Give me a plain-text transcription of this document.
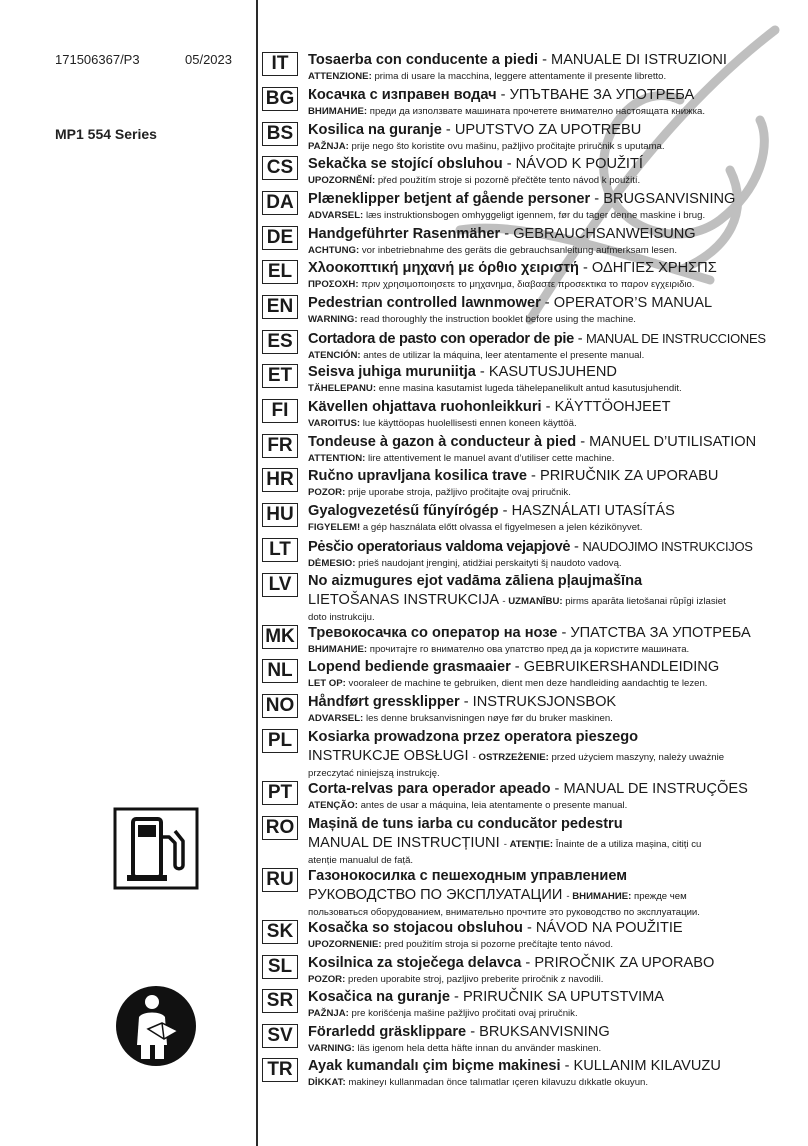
171506367/P3	05/2023
MP1 554 Series
IT	Tosaerba con conducente a piedi - MANUALE DI ISTRUZIONI
ATTENZIONE: prima di usare la macchina, leggere attentamente il presente libretto.
BG Косачка с изправен водач - УПЪТВАНЕ ЗА УПОТРЕБА
ВНИМАНИЕ: преди да използвате машината прочетете внимателно настоящата книжка.
BS	Kosilica na guranje - UPUTSTVO ZA UPOTREBU
PAŽNJA: prije nego što koristite ovu mašinu, pažljivo pročitajte priručnik s uputama.
CS	Sekačka se stojící obsluhou - NÁVOD K POUŽITÍ
UPOZORNĚNÍ: před použitím stroje si pozorně přečtěte tento návod k použití.
DA Plæneklipper betjent af gående personer - BRUGSANVISNING
ADVARSEL: læs instruktionsbogen omhyggeligt igennem, før du tager denne maskine i brug.
DE	Handgeführter Rasenmäher - GEBRAUCHSANWEISUNG
ACHTUNG: vor inbetriebnahme des geräts die gebrauchsanleitung aufmerksam lesen.
EL	Χλοοκοπτική μηχανή με όρθιο χειριστή - ΟΔΗΓΙΕΣ ΧΡΗΣΠΣ
ΠΡΟΣΟΧΗ: πριν χρησιμοποιησετε το μηχανημα, διαβαστε προσεκτικα το παρον εγχειριδιο.
EN	Pedestrian controlled lawnmower - OPERATOR’S MANUAL
WARNING: read thoroughly the instruction booklet before using the machine.
ES	Cortadora de pasto con operador de pie - MANUAL DE INSTRUCCIONES
ATENCIÓN: antes de utilizar la máquina, leer atentamente el presente manual.
ET	Seisva juhiga muruniitja - KASUTUSJUHEND
TÄHELEPANU: enne masina kasutamist lugeda tähelepanelikult antud kasutusjuhendit.
FI	Kävellen ohjattava ruohonleikkuri - KÄYTTÖOHJEET
VAROITUS: lue käyttöopas huolellisesti ennen koneen käyttöä.
FR	Tondeuse à gazon à conducteur à pied - MANUEL D’UTILISATION
ATTENTION: lire attentivement le manuel avant d’utiliser cette machine.
HR Ručno upravljana kosilica trave - PRIRUČNIK ZA UPORABU
POZOR: prije uporabe stroja, pažljivo pročitajte ovaj priručnik.
HU Gyalogvezetésű fűnyírógép - HASZNÁLATI UTASÍTÁS
FIGYELEM! a gép használata előtt olvassa el figyelmesen a jelen kézikönyvet.
LT	Pėsčio operatoriaus valdoma vejapjovė - NAUDOJIMO INSTRUKCIJOS
DĖMESIO: prieš naudojant įrenginį, atidžiai perskaityti šį naudoto vadovą.
LV	No aizmugures ejot vadāma zāliena pļaujmašīna
LIETOŠANAS INSTRUKCIJA - UZMANĪBU: pirms aparāta lietošanai rūpīgi izlasiet
doto instrukciju.
MK Тревокосачка со оператор на нозе - УПАТСТВА ЗА УПОТРЕБА
ВНИМАНИЕ: прочитајте го внимателно ова упатство пред да ја користите машината.
NL	Lopend bediende grasmaaier - GEBRUIKERSHANDLEIDING
LET OP: vooraleer de machine te gebruiken, dient men deze handleiding aandachtig te lezen.
NO Håndført gressklipper - INSTRUKSJONSBOK
ADVARSEL: les denne bruksanvisningen nøye før du bruker maskinen.
PL	Kosiarka prowadzona przez operatora pieszego
INSTRUKCJE OBSŁUGI - OSTRZEŻENIE: przed użyciem maszyny, należy uważnie
przeczytać niniejszą instrukcję.
PT	Corta-relvas para operador apeado - MANUAL DE INSTRUÇÕES
ATENÇÃO: antes de usar a máquina, leia atentamente o presente manual.
RO Mașină de tuns iarba cu conducător pedestru
MANUAL DE INSTRUCȚIUNI - ATENȚIE: Înainte de a utiliza mașina, citiți cu
atenție manualul de față.
RU Газонокосилка с пешеходным управлением
РУКОВОДСТВО ПО ЭКСПЛУАТАЦИИ - ВНИМАНИЕ: прежде чем
пользоваться оборудованием, внимательно прочтите это руководство по эксплуатации.
SK	Kosačka so stojacou obsluhou - NÁVOD NA POUŽITIE
UPOZORNENIE: pred použitím stroja si pozorne prečítajte tento návod.
SL	Kosilnica za stoječega delavca - PRIROČNIK ZA UPORABO
POZOR: preden uporabite stroj, pazljivo preberite priročnik z navodili.
SR	Kosačica na guranje - PRIRUČNIK SA UPUTSTVIMA
PAŽNJA: pre korišćenja mašine pažljivo pročitati ovaj priručnik.
SV	Förarledd gräsklippare - BRUKSANVISNING
VARNING: läs igenom hela detta häfte innan du använder maskinen.
TR	Ayak kumandalı çim biçme makinesi - KULLANIM KILAVUZU
DİKKAT: makineyı kullanmadan önce talımatlar ıçeren kilavuzu dıkkatle okuyun.
